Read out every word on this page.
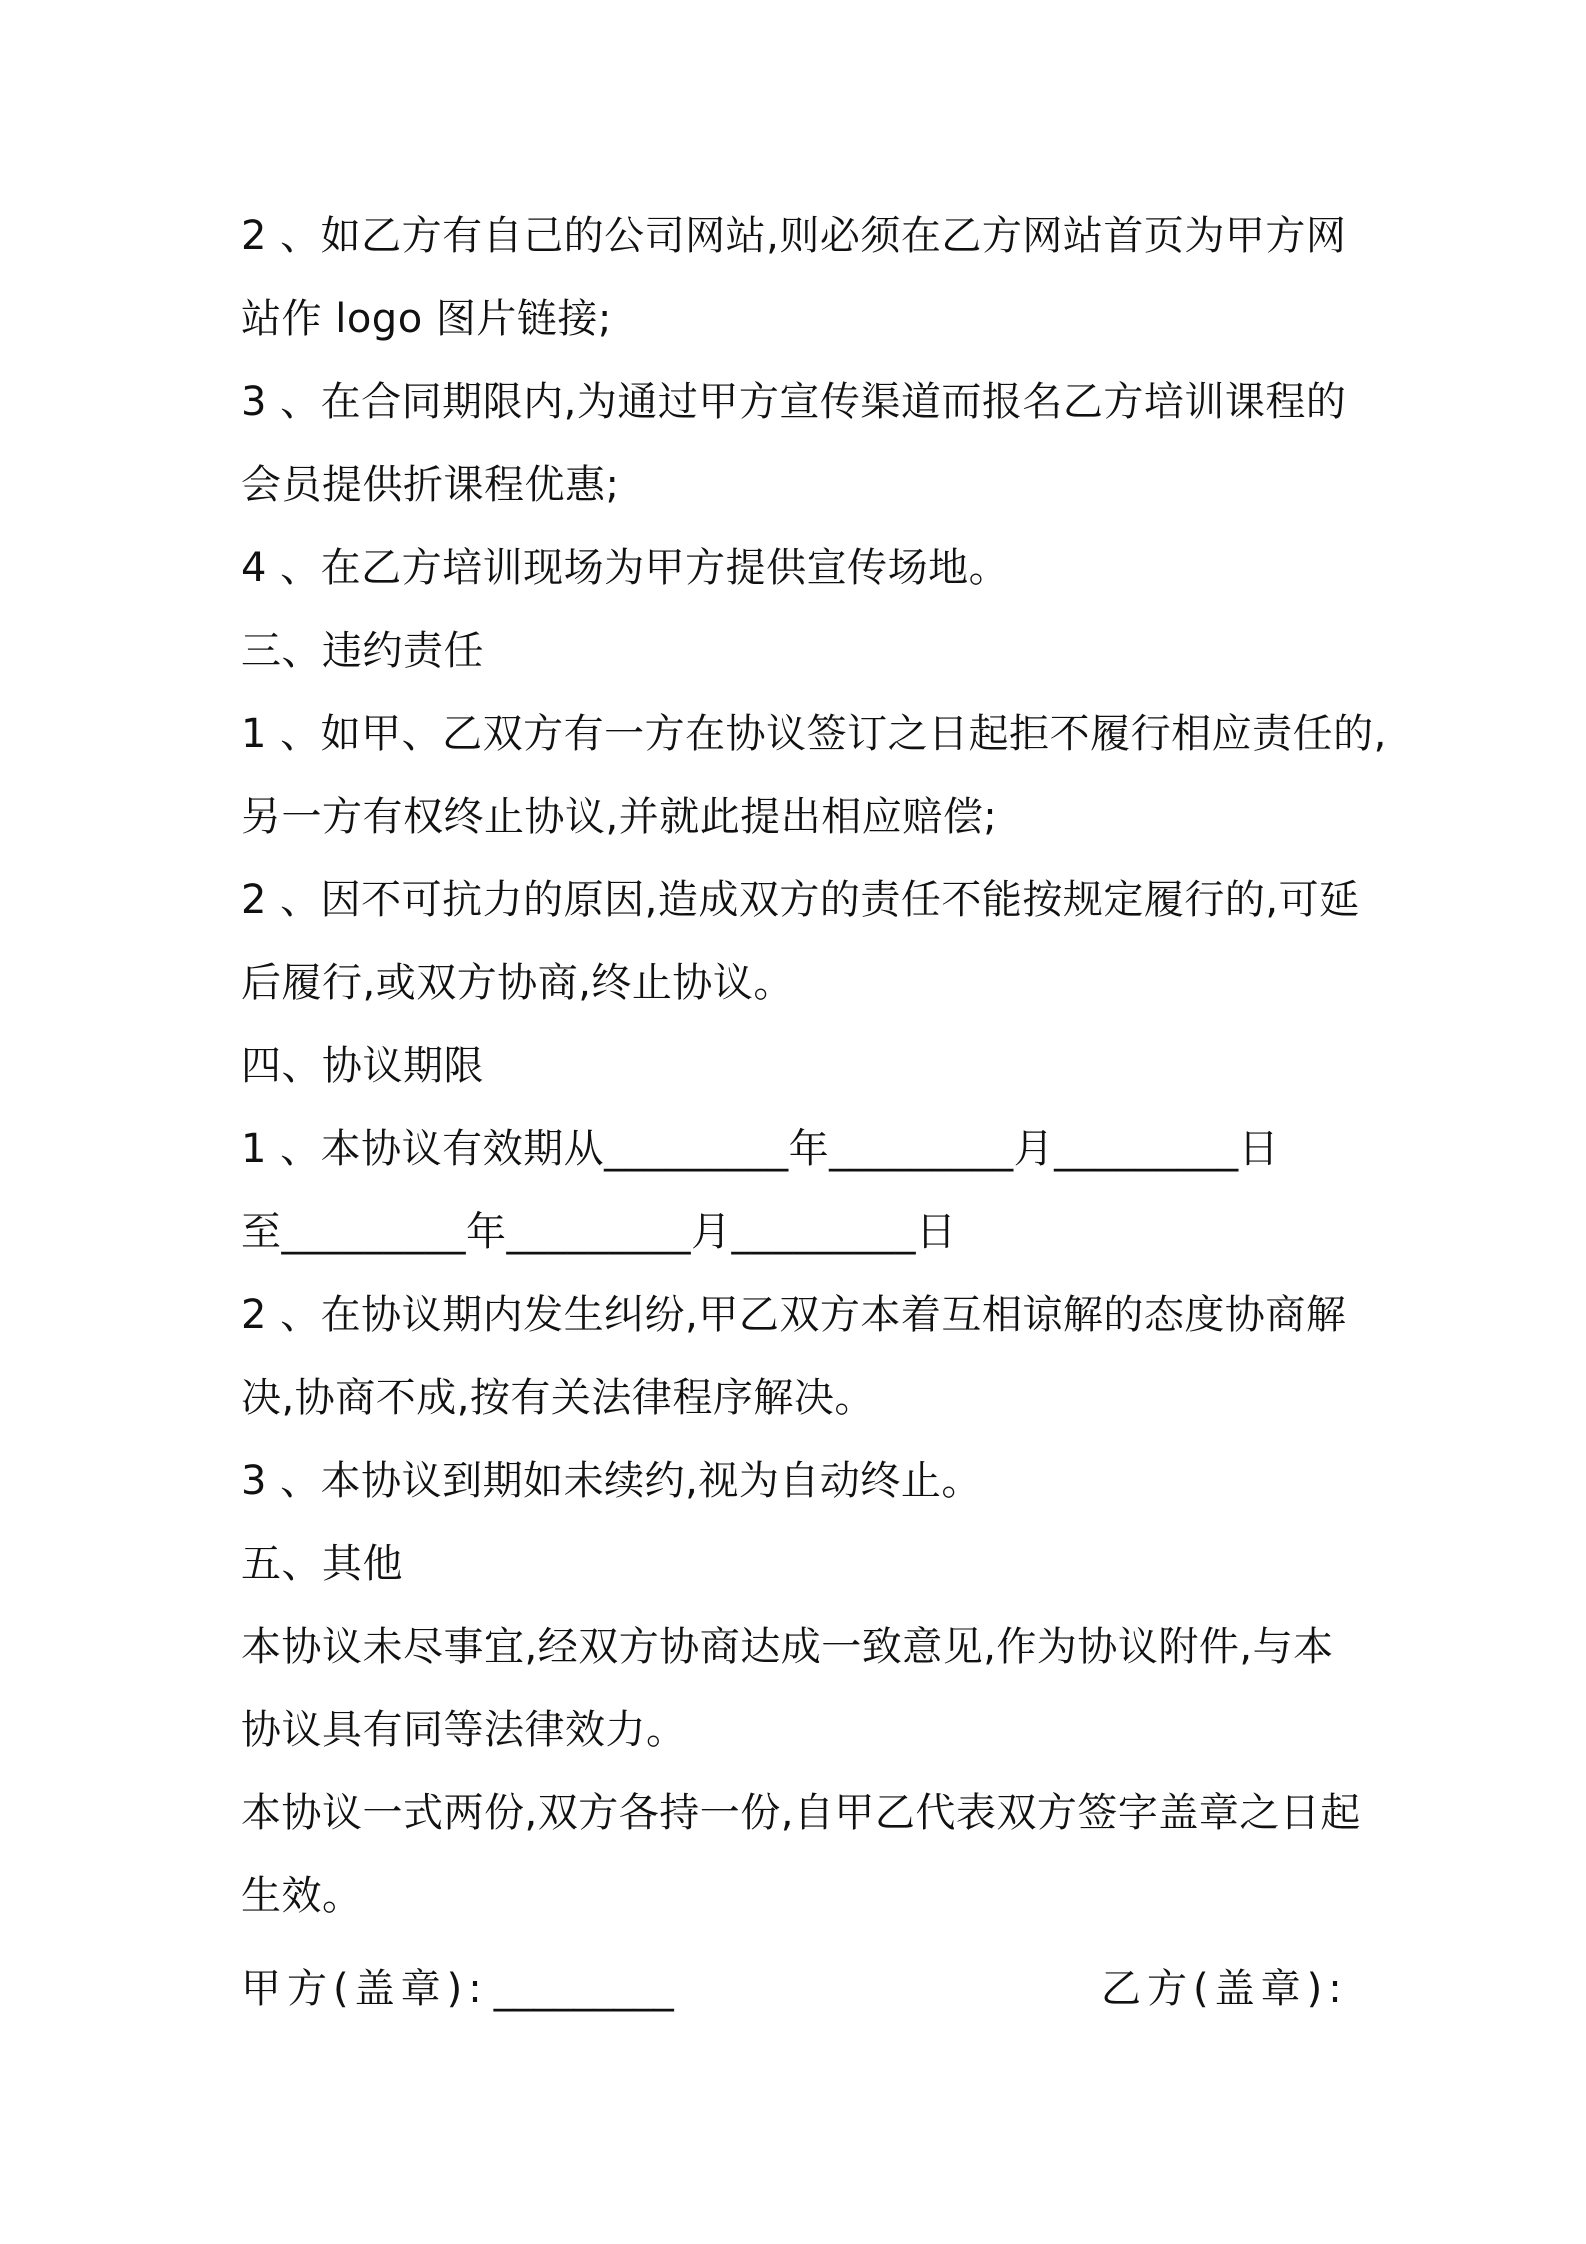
2 、如乙方有自己的公司网站,则必须在乙方网站首页为甲方网
站作 logo 图片链接;
3 、在合同期限内,为通过甲方宣传渠道而报名乙方培训课程的
会员提供折课程优惠;
4 、在乙方培训现场为甲方提供宣传场地。
三、违约责任
1 、如甲、乙双方有一方在协议签订之日起拒不履行相应责任的,
另一方有权终止协议,并就此提出相应赔偿;
2 、因不可抗力的原因,造成双方的责任不能按规定履行的,可延
后履行,或双方协商,终止协议。
四、协议期限
1 、本协议有效期从_________年_________月_________日
至_________年_________月_________日
2 、在协议期内发生纠纷,甲乙双方本着互相谅解的态度协商解
决,协商不成,按有关法律程序解决。
3 、本协议到期如未续约,视为自动终止。
五、其他
本协议未尽事宜,经双方协商达成一致意见,作为协议附件,与本
协议具有同等法律效力。
本协议一式两份,双方各持一份,自甲乙代表双方签字盖章之日起
生效。
甲方(盖章): _________	乙方(盖章):
